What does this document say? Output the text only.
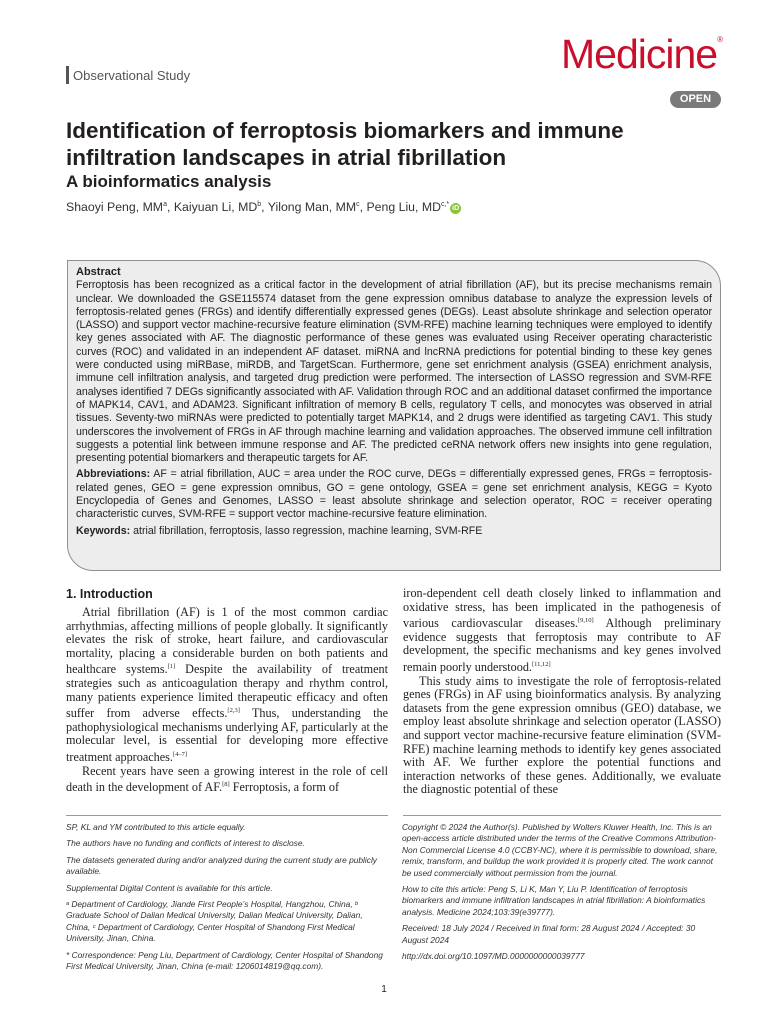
Observational Study	Medicine®
OPEN
Identification of ferroptosis biomarkers and immune infiltration landscapes in atrial fibrillation
A bioinformatics analysis
Shaoyi Peng, $MM^a$, Kaiyuan Li, $MD^b$, Yilong Man, $MM^c$, Peng Liu, $MD^{c,*}iD$
Abstract
Ferroptosis has been recognized as a critical factor in the development of atrial fibrillation (AF), but its precise mechanisms remain unclear. We downloaded the GSE115574 dataset from the gene expression omnibus database to analyze the expression levels of ferroptosis-related genes (FRGs) and identify differentially expressed genes (DEGs). Least absolute shrinkage and selection operator (LASSO) and support vector machine-recursive feature elimination (SVM-RFE) machine learning techniques were employed to identify key genes associated with AF. The diagnostic performance of these genes was evaluated using Receiver operating characteristic curves (ROC) and validated in an independent AF dataset. miRNA and lncRNA predictions for potential binding to these key genes were conducted using miRBase, miRDB, and TargetScan. Furthermore, gene set enrichment analysis (GSEA) enrichment analysis, immune cell infiltration analysis, and targeted drug prediction were performed. The intersection of LASSO regression and SVM-RFE analyses identified 7 DEGs significantly associated with AF. Validation through ROC and an additional dataset confirmed the importance of MAPK14, CAV1, and ADAM23. Significant infiltration of memory B cells, regulatory T cells, and monocytes was observed in atrial tissues. Seventy-two miRNAs were predicted to potentially target MAPK14, and 2 drugs were identified as targeting CAV1. This study underscores the involvement of FRGs in AF through machine learning and validation approaches. The observed immune cell infiltration suggests a potential link between immune response and AF. The predicted ceRNA network offers new insights into gene regulation, presenting potential biomarkers and therapeutic targets for AF.
Abbreviations: AF = atrial fibrillation, AUC = area under the ROC curve, DEGs = differentially expressed genes, FRGs = ferroptosis-related genes, GEO = gene expression omnibus, GO = gene ontology, GSEA = gene set enrichment analysis, KEGG = Kyoto Encyclopedia of Genes and Genomes, LASSO = least absolute shrinkage and selection operator, ROC = receiver operating characteristic curves, SVM-RFE = support vector machine-recursive feature elimination.
Keywords: atrial fibrillation, ferroptosis, lasso regression, machine learning, SVM-RFE
1. Introduction

Atrial fibrillation (AF) is 1 of the most common cardiac arrhythmias, affecting millions of people globally. It significantly elevates the risk of stroke, heart failure, and cardiovascular mortality, placing a considerable burden on both patients and healthcare systems.[1] Despite the availability of treatment strategies such as anticoagulation therapy and rhythm control, many patients experience limited therapeutic efficacy and often suffer from adverse effects.[2,3] Thus, understanding the pathophysiological mechanisms underlying AF, particularly at the molecular level, is essential for developing more effective treatment approaches.[4–7]

Recent years have seen a growing interest in the role of cell death in the development of AF.[8] Ferroptosis, a form of

iron-dependent cell death closely linked to inflammation and oxidative stress, has been implicated in the pathogenesis of various cardiovascular diseases.[9,10] Although preliminary evidence suggests that ferroptosis may contribute to AF development, the specific mechanisms and key genes involved remain poorly understood.[11,12]

This study aims to investigate the role of ferroptosis-related genes (FRGs) in AF using bioinformatics analysis. By analyzing datasets from the gene expression omnibus (GEO) database, we employ least absolute shrinkage and selection operator (LASSO) and support vector machine-recursive feature elimination (SVM-RFE) machine learning methods to identify key genes associated with AF. We further explore the potential functions and interaction networks of these genes. Additionally, we evaluate the diagnostic potential of these

SP, KL and YM contributed to this article equally.

The authors have no funding and conflicts of interest to disclose.

The datasets generated during and/or analyzed during the current study are publicly available.

Supplemental Digital Content is available for this article.

ᵃ Department of Cardiology, Jiande First People’s Hospital, Hangzhou, China, ᵇ Graduate School of Dalian Medical University, Dalian Medical University, Dalian, China, ᶜ Department of Cardiology, Center Hospital of Shandong First Medical University, Jinan, China.

* Correspondence: Peng Liu, Department of Cardiology, Center Hospital of Shandong First Medical University, Jinan, China (e-mail: 1206014819@qq.com).

Copyright © 2024 the Author(s). Published by Wolters Kluwer Health, Inc. This is an open-access article distributed under the terms of the Creative Commons Attribution-Non Commercial License 4.0 (CCBY-NC), where it is permissible to download, share, remix, transform, and buildup the work provided it is properly cited. The work cannot be used commercially without permission from the journal.

How to cite this article: Peng S, Li K, Man Y, Liu P. Identification of ferroptosis biomarkers and immune infiltration landscapes in atrial fibrillation: A bioinformatics analysis. Medicine 2024;103:39(e39777).

Received: 18 July 2024 / Received in final form: 28 August 2024 / Accepted: 30 August 2024

http://dx.doi.org/10.1097/MD.0000000000039777

1
